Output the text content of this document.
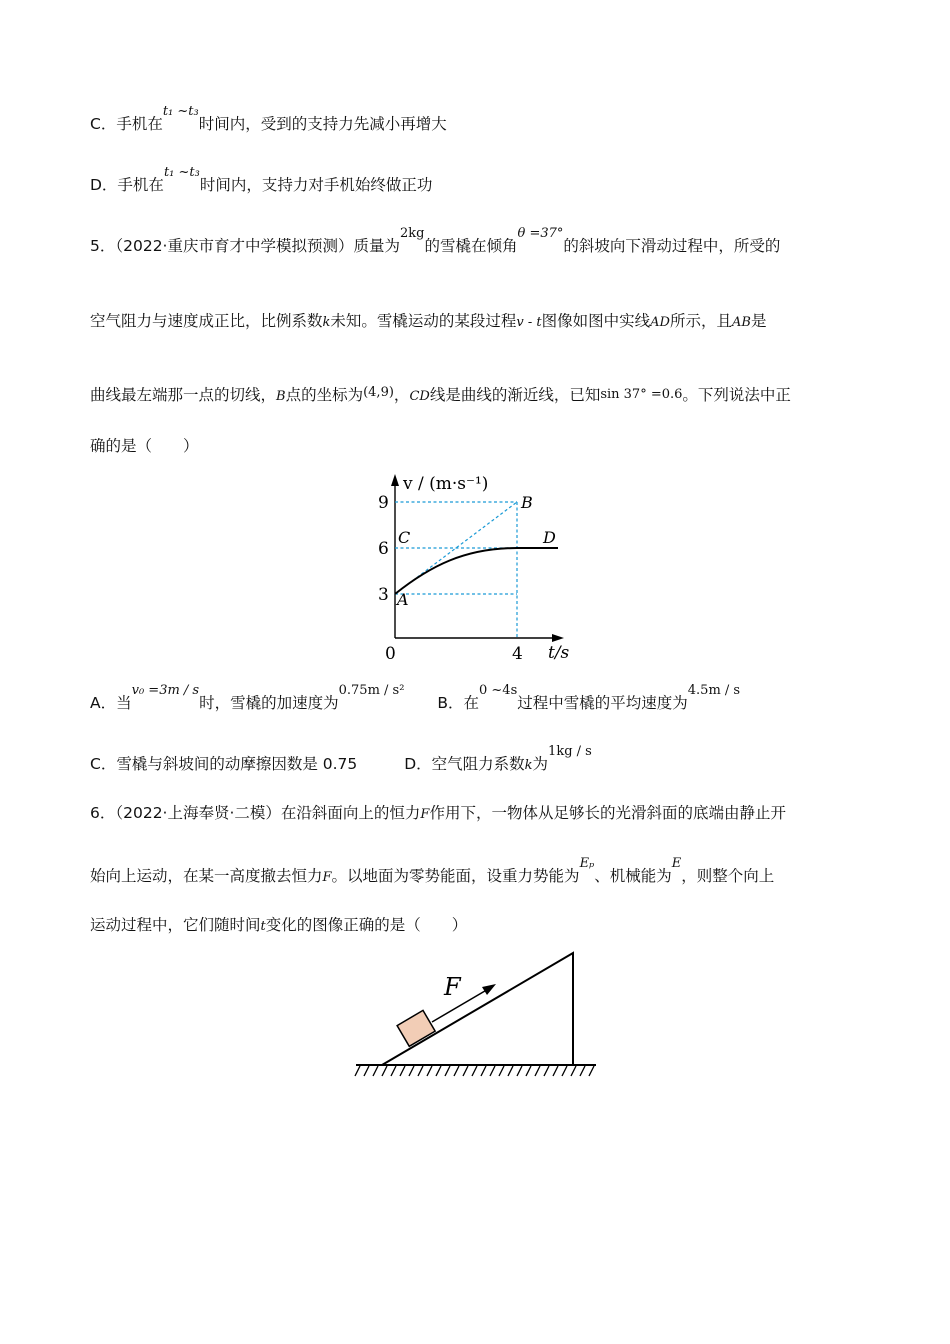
C．手机在$^{t_1 \sim t_3}$时间内，受到的支持力先减小再增大
D．手机在$^{t_1 \sim t_3}$时间内，支持力对手机始终做正功
5．（2022·重庆市育才中学模拟预测）质量为$^{2kg}$的雪橇在倾角$^{\theta =37^\circ}$的斜坡向下滑动过程中，所受的
空气阻力与速度成正比，比例系数k未知。雪橇运动的某段过程v - t图像如图中实线AD所示，且AB是
曲线最左端那一点的切线，B点的坐标为$^{(4,9)}$，CD线是曲线的渐近线，已知sin 37° =0.6。下列说法中正
确的是（　　）
v / (m·s⁻¹)
t/s
9
6
3
0	4
A
B
C	D
A．当$^{v_0 =3m / s}$时，雪橇的加速度为$^{0.75m / s^2}$ B．在$^{0 \sim 4s}$过程中雪橇的平均速度为$^{4.5m / s}$
C．雪橇与斜坡间的动摩擦因数是 0.75	D．空气阻力系数k为$^{1kg / s}$
6．（2022·上海奉贤·二模）在沿斜面向上的恒力F作用下，一物体从足够长的光滑斜面的底端由静止开
始向上运动，在某一高度撤去恒力F。以地面为零势能面，设重力势能为$^{E_p}$、机械能为$^E$，则整个向上
运动过程中，它们随时间t变化的图像正确的是（　　）
F
